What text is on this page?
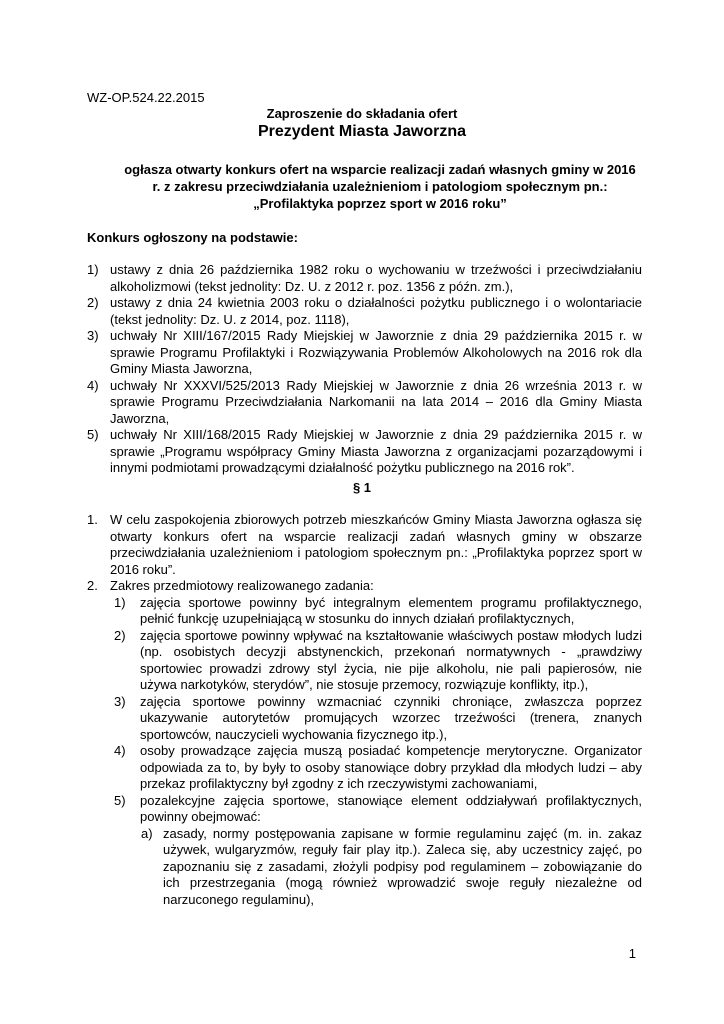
WZ-OP.524.22.2015
Zaproszenie do składania ofert
Prezydent Miasta Jaworzna
ogłasza otwarty konkurs ofert na wsparcie realizacji zadań własnych gminy w 2016 r. z zakresu przeciwdziałania uzależnieniom i patologiom społecznym pn.: „Profilaktyka poprzez sport w 2016 roku”
Konkurs ogłoszony na podstawie:
1) ustawy z dnia 26 października 1982 roku o wychowaniu w trzeźwości i przeciwdziałaniu alkoholizmowi (tekst jednolity: Dz. U. z 2012 r. poz. 1356 z późn. zm.),
2) ustawy z dnia 24 kwietnia 2003 roku o działalności pożytku publicznego i o wolontariacie (tekst jednolity: Dz. U. z 2014, poz. 1118),
3) uchwały Nr XIII/167/2015 Rady Miejskiej w Jaworznie z dnia 29 października 2015 r. w sprawie Programu Profilaktyki i Rozwiązywania Problemów Alkoholowych na 2016 rok dla Gminy Miasta Jaworzna,
4) uchwały Nr XXXVI/525/2013 Rady Miejskiej w Jaworznie z dnia 26 września 2013 r. w sprawie Programu Przeciwdziałania Narkomanii na lata 2014 – 2016 dla Gminy Miasta Jaworzna,
5) uchwały Nr XIII/168/2015 Rady Miejskiej w Jaworznie z dnia 29 października 2015 r. w sprawie „Programu współpracy Gminy Miasta Jaworzna z organizacjami pozarządowymi i innymi podmiotami prowadzącymi działalność pożytku publicznego na 2016 rok”.
§ 1
1. W celu zaspokojenia zbiorowych potrzeb mieszkańców Gminy Miasta Jaworzna ogłasza się otwarty konkurs ofert na wsparcie realizacji zadań własnych gminy w obszarze przeciwdziałania uzależnieniom i patologiom społecznym pn.: „Profilaktyka poprzez sport w 2016 roku”.
2. Zakres przedmiotowy realizowanego zadania:
1) zajęcia sportowe powinny być integralnym elementem programu profilaktycznego, pełnić funkcję uzupełniającą w stosunku do innych działań profilaktycznych,
2) zajęcia sportowe powinny wpływać na kształtowanie właściwych postaw młodych ludzi (np. osobistych decyzji abstynenckich, przekonań normatywnych - „prawdziwy sportowiec prowadzi zdrowy styl życia, nie pije alkoholu, nie pali papierosów, nie używa narkotyków, sterydów”, nie stosuje przemocy, rozwiązuje konflikty, itp.),
3) zajęcia sportowe powinny wzmacniać czynniki chroniące, zwłaszcza poprzez ukazywanie autorytetów promujących wzorzec trzeźwości (trenera, znanych sportowców, nauczycieli wychowania fizycznego itp.),
4) osoby prowadzące zajęcia muszą posiadać kompetencje merytoryczne. Organizator odpowiada za to, by były to osoby stanowiące dobry przykład dla młodych ludzi – aby przekaz profilaktyczny był zgodny z ich rzeczywistymi zachowaniami,
5) pozalekcyjne zajęcia sportowe, stanowiące element oddziaływań profilaktycznych, powinny obejmować:
a) zasady, normy postępowania zapisane w formie regulaminu zajęć (m. in. zakaz używek, wulgaryzmów, reguły fair play itp.). Zaleca się, aby uczestnicy zajęć, po zapoznaniu się z zasadami, złożyli podpisy pod regulaminem – zobowiązanie do ich przestrzegania (mogą również wprowadzić swoje reguły niezależne od narzuconego regulaminu),
1
